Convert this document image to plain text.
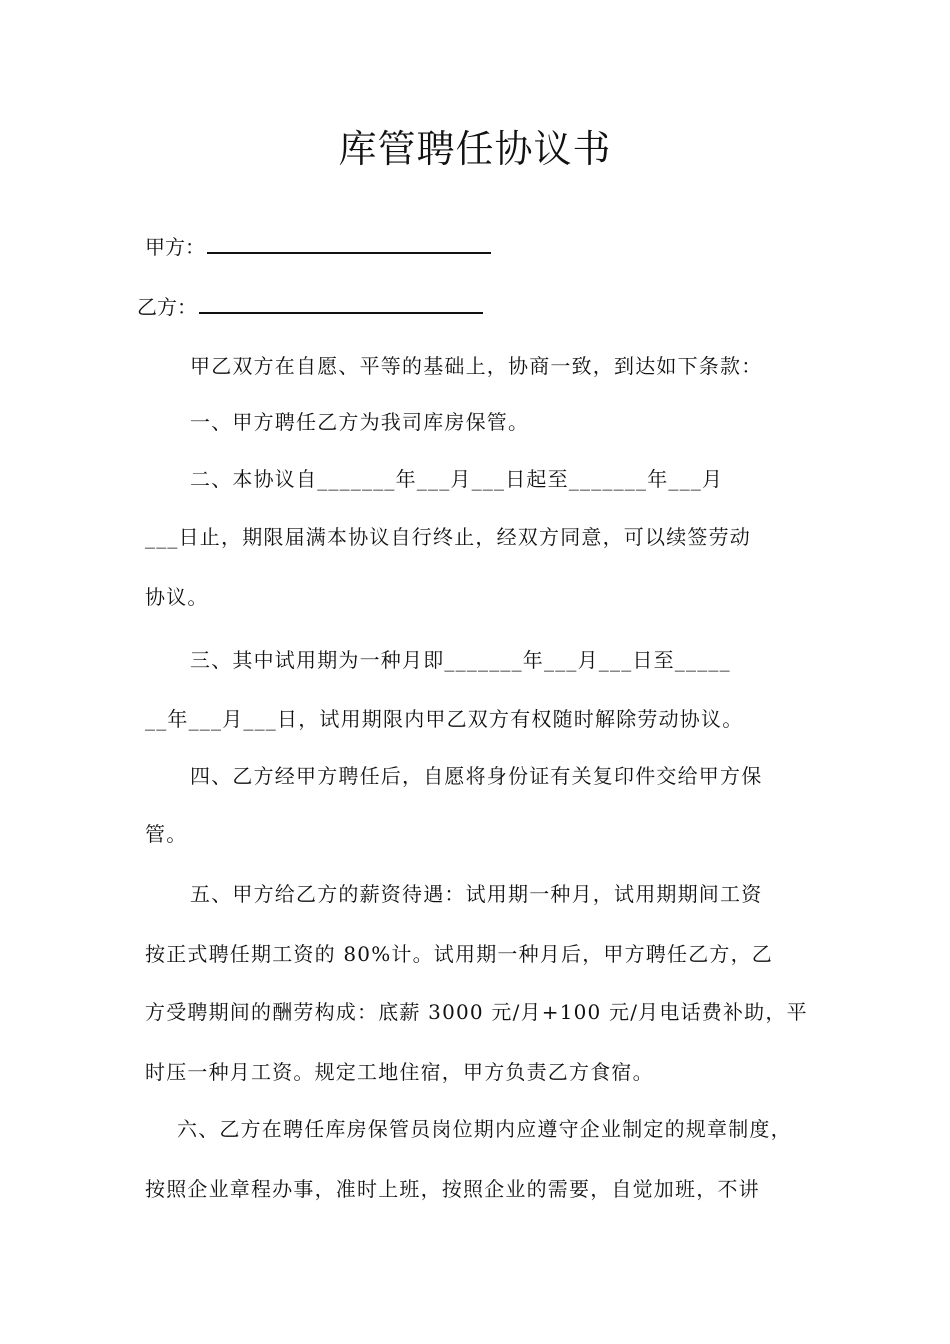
库管聘任协议书
甲方：
乙方：
甲乙双方在自愿、平等的基础上，协商一致，到达如下条款：
一、甲方聘任乙方为我司库房保管。
二、本协议自_______年___月___日起至_______年___月
___日止，期限届满本协议自行终止，经双方同意，可以续签劳动
协议。
三、其中试用期为一种月即_______年___月___日至_____
__年___月___日，试用期限内甲乙双方有权随时解除劳动协议。
四、乙方经甲方聘任后，自愿将身份证有关复印件交给甲方保
管。
五、甲方给乙方的薪资待遇：试用期一种月，试用期期间工资
按正式聘任期工资的 80%计。试用期一种月后，甲方聘任乙方，乙
方受聘期间的酬劳构成：底薪 3000 元/月+100 元/月电话费补助，平
时压一种月工资。规定工地住宿，甲方负责乙方食宿。
六、乙方在聘任库房保管员岗位期内应遵守企业制定的规章制度，
按照企业章程办事，准时上班，按照企业的需要，自觉加班，不讲
